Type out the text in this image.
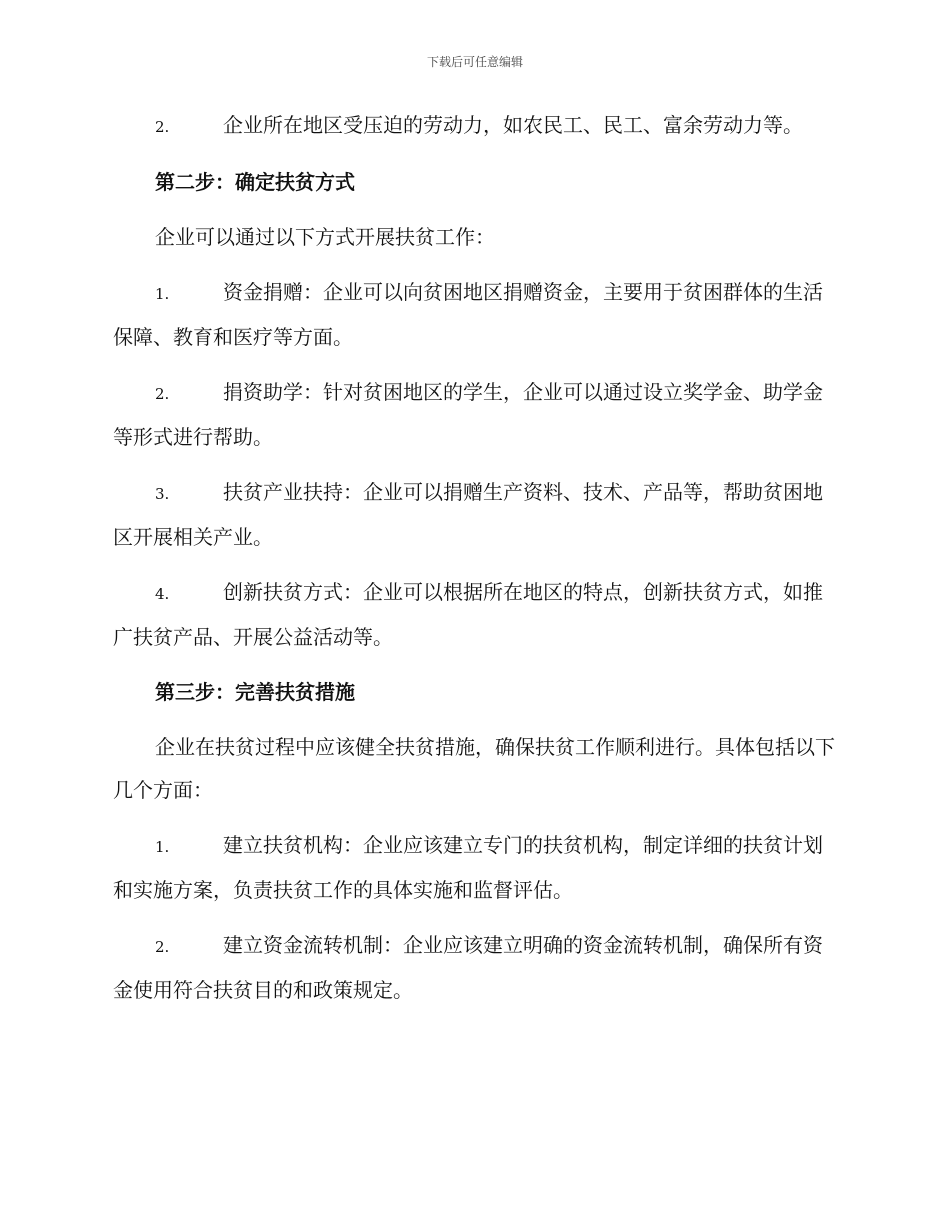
下载后可任意编辑

2.	企业所在地区受压迫的劳动力，如农民工、民工、富余劳动力等。

第二步：确定扶贫方式

企业可以通过以下方式开展扶贫工作：

1.	资金捐赠：企业可以向贫困地区捐赠资金，主要用于贫困群体的生活保障、教育和医疗等方面。

2.	捐资助学：针对贫困地区的学生，企业可以通过设立奖学金、助学金等形式进行帮助。

3.	扶贫产业扶持：企业可以捐赠生产资料、技术、产品等，帮助贫困地区开展相关产业。

4.	创新扶贫方式：企业可以根据所在地区的特点，创新扶贫方式，如推广扶贫产品、开展公益活动等。

第三步：完善扶贫措施

企业在扶贫过程中应该健全扶贫措施，确保扶贫工作顺利进行。具体包括以下几个方面：

1.	建立扶贫机构：企业应该建立专门的扶贫机构，制定详细的扶贫计划和实施方案，负责扶贫工作的具体实施和监督评估。

2.	建立资金流转机制：企业应该建立明确的资金流转机制，确保所有资金使用符合扶贫目的和政策规定。
